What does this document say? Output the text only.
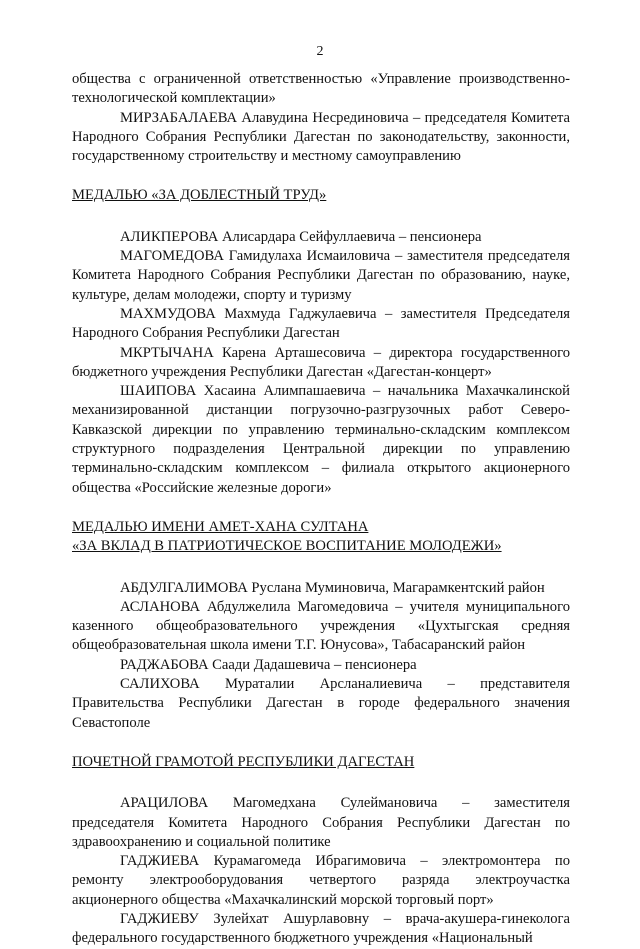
2

общества с ограниченной ответственностью «Управление производственно-технологической комплектации»

МИРЗАБАЛАЕВА Алавудина Несрединовича – председателя Комитета Народного Собрания Республики Дагестан по законодательству, законности, государственному строительству и местному самоуправлению

МЕДАЛЬЮ «ЗА ДОБЛЕСТНЫЙ ТРУД»

АЛИКПЕРОВА Алисардара Сейфуллаевича – пенсионера

МАГОМЕДОВА Гамидулаха Исмаиловича – заместителя председателя Комитета Народного Собрания Республики Дагестан по образованию, науке, культуре, делам молодежи, спорту и туризму

МАХМУДОВА Махмуда Гаджулаевича – заместителя Председателя Народного Собрания Республики Дагестан

МКРТЫЧАНА Карена Арташесовича – директора государственного бюджетного учреждения Республики Дагестан «Дагестан-концерт»

ШАИПОВА Хасаина Алимпашаевича – начальника Махачкалинской механизированной дистанции погрузочно-разгрузочных работ Северо-Кавказской дирекции по управлению терминально-складским комплексом структурного подразделения Центральной дирекции по управлению терминально-складским комплексом – филиала открытого акционерного общества «Российские железные дороги»

МЕДАЛЬЮ ИМЕНИ АМЕТ-ХАНА СУЛТАНА

«ЗА ВКЛАД В ПАТРИОТИЧЕСКОЕ ВОСПИТАНИЕ МОЛОДЕЖИ»

АБДУЛГАЛИМОВА Руслана Муминовича, Магарамкентский район

АСЛАНОВА Абдулжелила Магомедовича – учителя муниципального казенного общеобразовательного учреждения «Цухтыгская средняя общеобразовательная школа имени Т.Г. Юнусова», Табасаранский район

РАДЖАБОВА Саади Дадашевича – пенсионера

САЛИХОВА Мураталии Арсланалиевича – представителя Правительства Республики Дагестан в городе федерального значения Севастополе

ПОЧЕТНОЙ ГРАМОТОЙ РЕСПУБЛИКИ ДАГЕСТАН

АРАЦИЛОВА Магомедхана Сулеймановича – заместителя председателя Комитета Народного Собрания Республики Дагестан по здравоохранению и социальной политике

ГАДЖИЕВА Курамагомеда Ибрагимовича – электромонтера по ремонту электрооборудования четвертого разряда электроучастка акционерного общества «Махачкалинский морской торговый порт»

ГАДЖИЕВУ Зулейхат Ашурлавовну – врача-акушера-гинеколога федерального государственного бюджетного учреждения «Национальный
